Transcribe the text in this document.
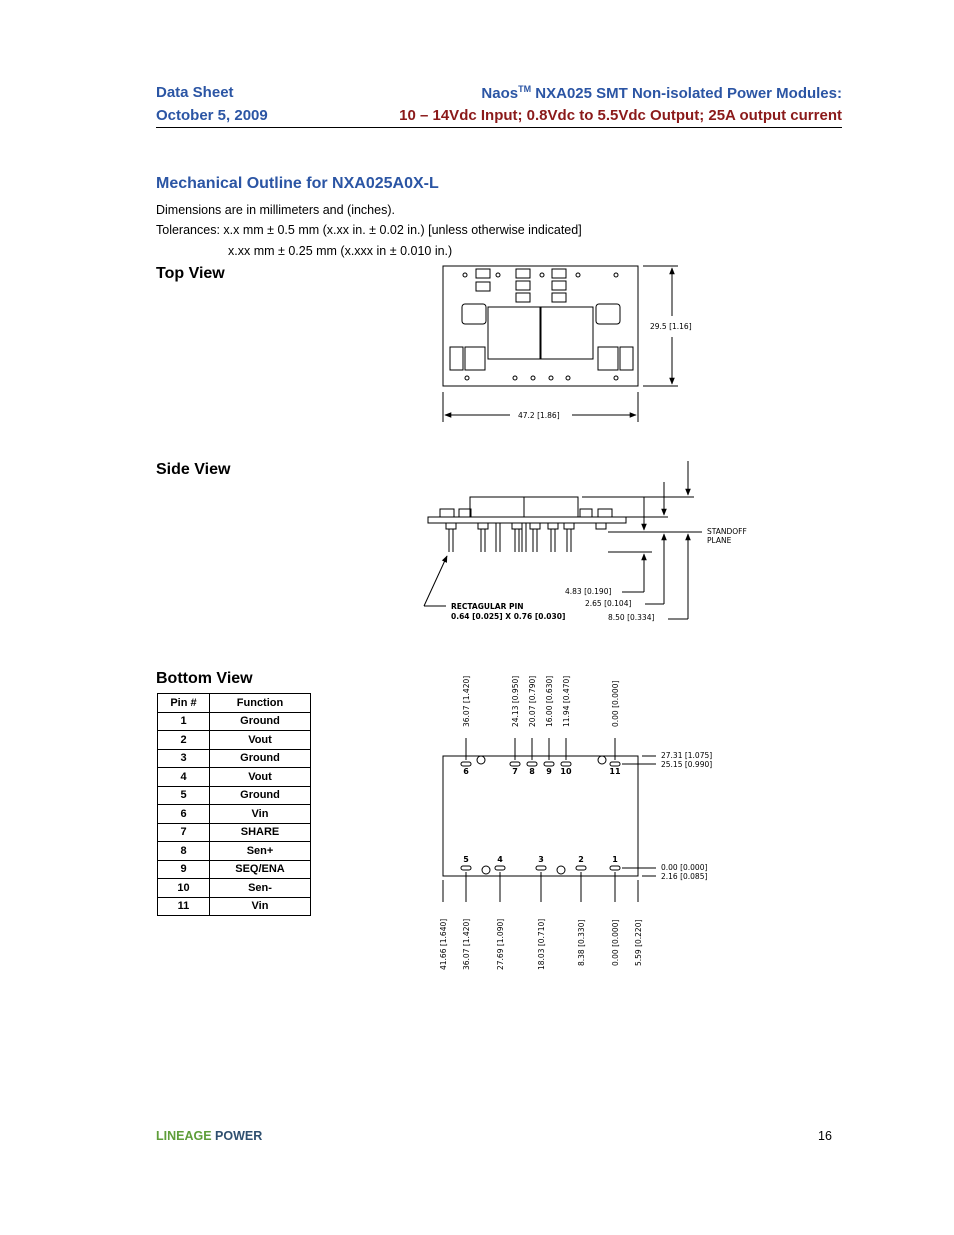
Data Sheet
October 5, 2009
Naos™ NXA025 SMT Non-isolated Power Modules:
10 – 14Vdc Input; 0.8Vdc to 5.5Vdc Output; 25A output current
Mechanical Outline for NXA025A0X-L
Dimensions are in millimeters and (inches).
Tolerances: x.x mm ± 0.5 mm (x.xx in. ± 0.02 in.) [unless otherwise indicated]
x.xx mm ± 0.25 mm (x.xxx in ± 0.010 in.)
Top View
Side View
Bottom View
29.5 [1.16]
47.2 [1.86]
STANDOFF
PLANE
4.83 [0.190]
2.65 [0.104]
8.50 [0.334]
RECTAGULAR PIN
0.64 [0.025] X 0.76 [0.030]
36.07 [1.420]	24.13 [0.950] 20.07 [0.790] 16.00 [0.630] 11.94 [0.470]	0.00 [0.000]
41.66 [1.640] 36.07 [1.420]	27.69 [1.090]	18.03 [0.710]	8.38 [0.330]	0.00 [0.000] 5.59 [0.220]
27.31 [1.075]
25.15 [0.990]
0.00 [0.000]
2.16 [0.085]
6	7 8 9 10	11
5	4	3	2	1
Pin #	Function
1	Ground
2	Vout
3	Ground
4	Vout
5	Ground
6	Vin
7	SHARE
8	Sen+
9	SEQ/ENA
10	Sen-
11	Vin
LINEAGE POWER	16
